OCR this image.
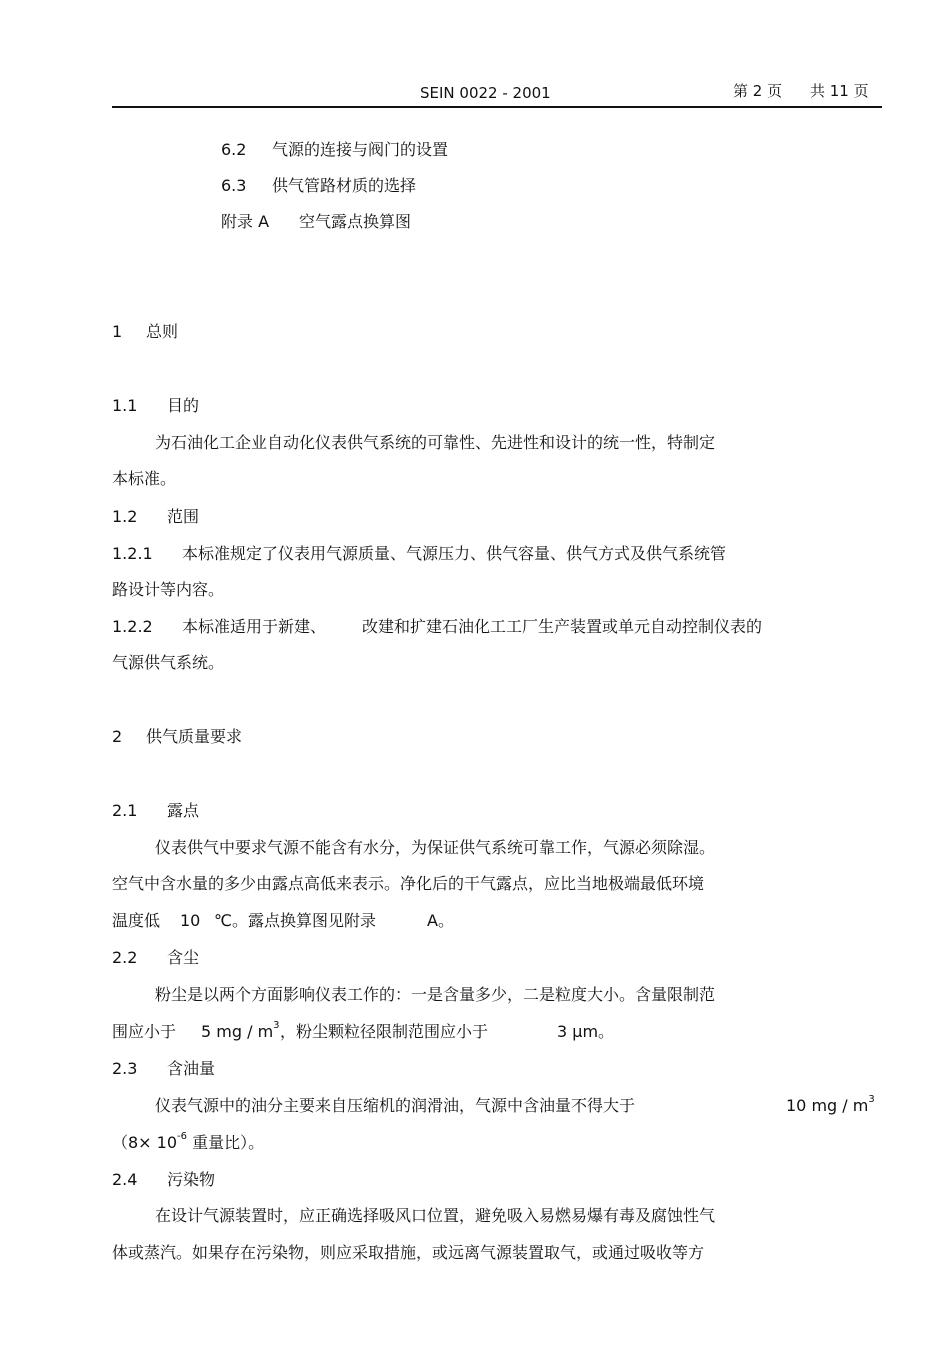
SEIN 0022 - 2001	第 2 页 共 11 页
6.2 气源的连接与阀门的设置
6.3 供气管路材质的选择
附录 A 空气露点换算图
1 总则
1.1 目的
为石油化工企业自动化仪表供气系统的可靠性、先进性和设计的统一性，特制定
本标准。
1.2 范围
1.2.1 本标准规定了仪表用气源质量、气源压力、供气容量、供气方式及供气系统管
路设计等内容。
1.2.2 本标准适用于新建、 改建和扩建石油化工工厂生产装置或单元自动控制仪表的
气源供气系统。
2 供气质量要求
2.1 露点
仪表供气中要求气源不能含有水分，为保证供气系统可靠工作，气源必须除湿。
空气中含水量的多少由露点高低来表示。净化后的干气露点，应比当地极端最低环境
温度低 10 ℃。露点换算图见附录	A。
2.2 含尘
粉尘是以两个方面影响仪表工作的：一是含量多少，二是粒度大小。含量限制范
围应小于 5 mg / $m^3$ ，粉尘颗粒径限制范围应小于	3 μm。
2.3 含油量
仪表气源中的油分主要来自压缩机的润滑油，气源中含油量不得大于	10 mg / $m^3$
（$8\times 10^{-6}$ 重量比）。
2.4 污染物
在设计气源装置时，应正确选择吸风口位置，避免吸入易燃易爆有毒及腐蚀性气
体或蒸汽。如果存在污染物，则应采取措施，或远离气源装置取气，或通过吸收等方
